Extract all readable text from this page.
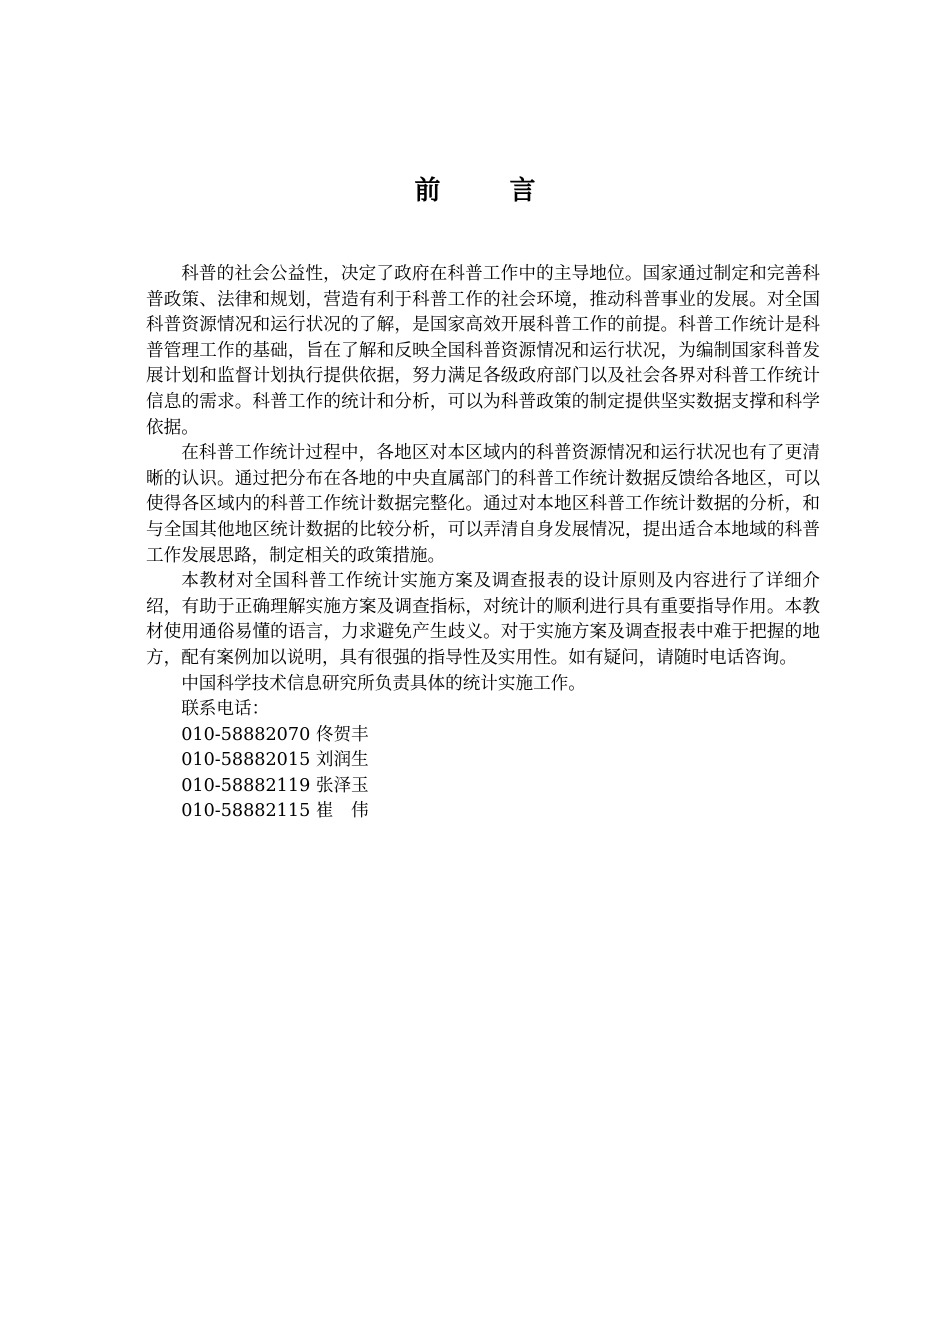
前 言

科普的社会公益性，决定了政府在科普工作中的主导地位。国家通过制定和完善科普政策、法律和规划，营造有利于科普工作的社会环境，推动科普事业的发展。对全国科普资源情况和运行状况的了解，是国家高效开展科普工作的前提。科普工作统计是科普管理工作的基础，旨在了解和反映全国科普资源情况和运行状况，为编制国家科普发展计划和监督计划执行提供依据，努力满足各级政府部门以及社会各界对科普工作统计信息的需求。科普工作的统计和分析，可以为科普政策的制定提供坚实数据支撑和科学依据。

在科普工作统计过程中，各地区对本区域内的科普资源情况和运行状况也有了更清晰的认识。通过把分布在各地的中央直属部门的科普工作统计数据反馈给各地区，可以使得各区域内的科普工作统计数据完整化。通过对本地区科普工作统计数据的分析，和与全国其他地区统计数据的比较分析，可以弄清自身发展情况，提出适合本地域的科普工作发展思路，制定相关的政策措施。

本教材对全国科普工作统计实施方案及调查报表的设计原则及内容进行了详细介绍，有助于正确理解实施方案及调查指标，对统计的顺利进行具有重要指导作用。本教材使用通俗易懂的语言，力求避免产生歧义。对于实施方案及调查报表中难于把握的地方，配有案例加以说明，具有很强的指导性及实用性。如有疑问，请随时电话咨询。

中国科学技术信息研究所负责具体的统计实施工作。

联系电话：

010-58882070 佟贺丰

010-58882015 刘润生

010-58882119 张泽玉

010-58882115 崔　伟
